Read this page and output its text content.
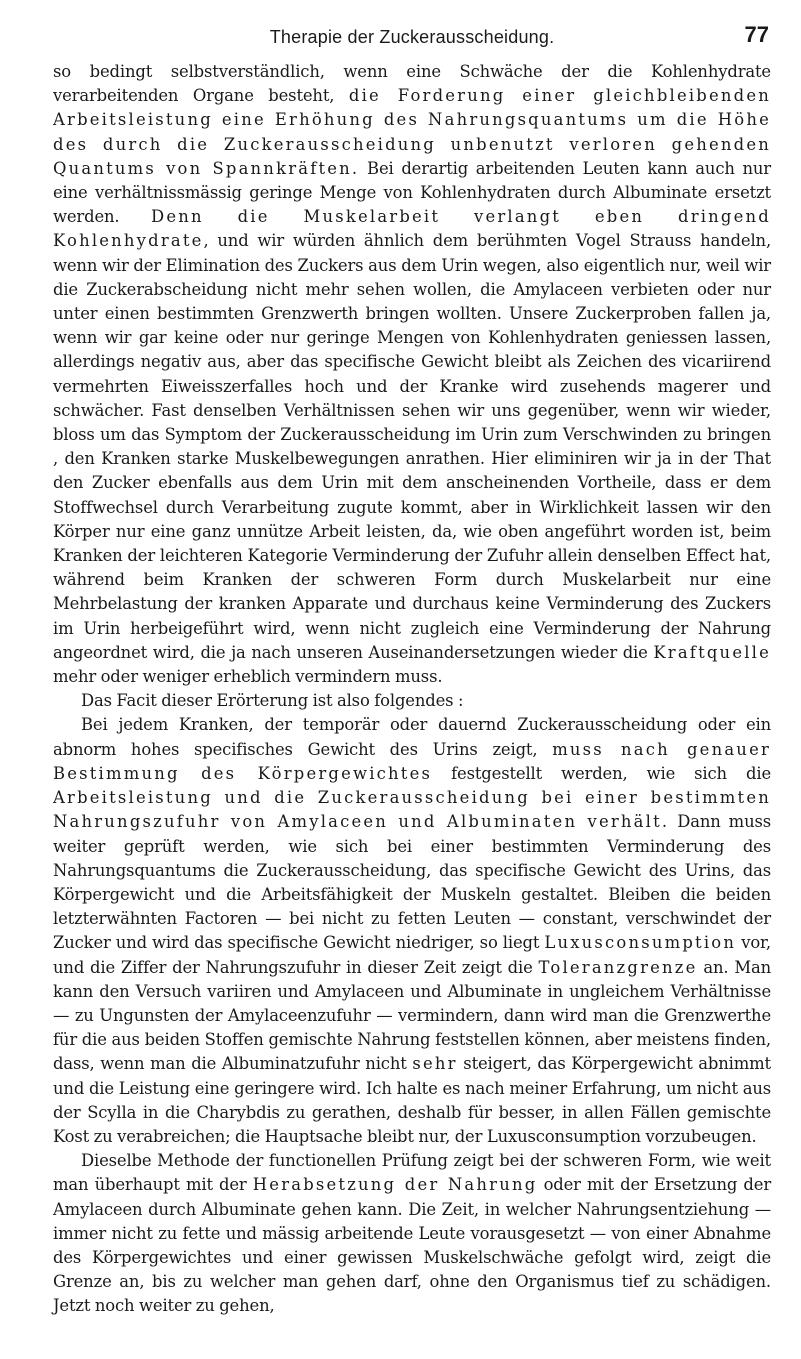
Therapie der Zuckerausscheidung.	77

so bedingt selbstverständlich, wenn eine Schwäche der die Kohlenhydrate verarbeitenden Organe besteht, die Forderung einer gleichbleibenden Arbeitsleistung eine Erhöhung des Nahrungsquantums um die Höhe des durch die Zuckerausscheidung unbenutzt verloren gehenden Quantums von Spannkräften. Bei derartig arbeitenden Leuten kann auch nur eine verhältnissmässig geringe Menge von Kohlenhydraten durch Albuminate ersetzt werden. Denn die Muskelarbeit verlangt eben dringend Kohlenhydrate, und wir würden ähnlich dem berühmten Vogel Strauss handeln, wenn wir der Elimination des Zuckers aus dem Urin wegen, also eigentlich nur, weil wir die Zuckerabscheidung nicht mehr sehen wollen, die Amylaceen verbieten oder nur unter einen bestimmten Grenzwerth bringen wollten. Unsere Zuckerproben fallen ja, wenn wir gar keine oder nur geringe Mengen von Kohlenhydraten geniessen lassen, allerdings negativ aus, aber das specifische Gewicht bleibt als Zeichen des vicariirend vermehrten Eiweisszerfalles hoch und der Kranke wird zusehends magerer und schwächer. Fast denselben Verhältnissen sehen wir uns gegenüber, wenn wir wieder, bloss um das Symptom der Zuckerausscheidung im Urin zum Verschwinden zu bringen , den Kranken starke Muskelbewegungen anrathen. Hier eliminiren wir ja in der That den Zucker ebenfalls aus dem Urin mit dem anscheinenden Vortheile, dass er dem Stoffwechsel durch Verarbeitung zugute kommt, aber in Wirklichkeit lassen wir den Körper nur eine ganz unnütze Arbeit leisten, da, wie oben angeführt worden ist, beim Kranken der leichteren Kategorie Verminderung der Zufuhr allein denselben Effect hat, während beim Kranken der schweren Form durch Muskelarbeit nur eine Mehrbelastung der kranken Apparate und durchaus keine Verminderung des Zuckers im Urin herbeigeführt wird, wenn nicht zugleich eine Verminderung der Nahrung angeordnet wird, die ja nach unseren Auseinandersetzungen wieder die Kraftquelle mehr oder weniger erheblich vermindern muss.

Das Facit dieser Erörterung ist also folgendes :

Bei jedem Kranken, der temporär oder dauernd Zuckerausscheidung oder ein abnorm hohes specifisches Gewicht des Urins zeigt, muss nach genauer Bestimmung des Körpergewichtes festgestellt werden, wie sich die Arbeitsleistung und die Zuckerausscheidung bei einer bestimmten Nahrungszufuhr von Amylaceen und Albuminaten verhält. Dann muss weiter geprüft werden, wie sich bei einer bestimmten Verminderung des Nahrungsquantums die Zuckerausscheidung, das specifische Gewicht des Urins, das Körpergewicht und die Arbeitsfähigkeit der Muskeln gestaltet. Bleiben die beiden letzterwähnten Factoren — bei nicht zu fetten Leuten — constant, verschwindet der Zucker und wird das specifische Gewicht niedriger, so liegt Luxusconsumption vor, und die Ziffer der Nahrungszufuhr in dieser Zeit zeigt die Toleranzgrenze an. Man kann den Versuch variiren und Amylaceen und Albuminate in ungleichem Verhältnisse — zu Ungunsten der Amylaceenzufuhr — vermindern, dann wird man die Grenzwerthe für die aus beiden Stoffen gemischte Nahrung feststellen können, aber meistens finden, dass, wenn man die Albuminatzufuhr nicht sehr steigert, das Körpergewicht abnimmt und die Leistung eine geringere wird. Ich halte es nach meiner Erfahrung, um nicht aus der Scylla in die Charybdis zu gerathen, deshalb für besser, in allen Fällen gemischte Kost zu verabreichen; die Hauptsache bleibt nur, der Luxusconsumption vorzubeugen.

Dieselbe Methode der functionellen Prüfung zeigt bei der schweren Form, wie weit man überhaupt mit der Herabsetzung der Nahrung oder mit der Ersetzung der Amylaceen durch Albuminate gehen kann. Die Zeit, in welcher Nahrungsentziehung — immer nicht zu fette und mässig arbeitende Leute vorausgesetzt — von einer Abnahme des Körpergewichtes und einer gewissen Muskelschwäche gefolgt wird, zeigt die Grenze an, bis zu welcher man gehen darf, ohne den Organismus tief zu schädigen. Jetzt noch weiter zu gehen,
